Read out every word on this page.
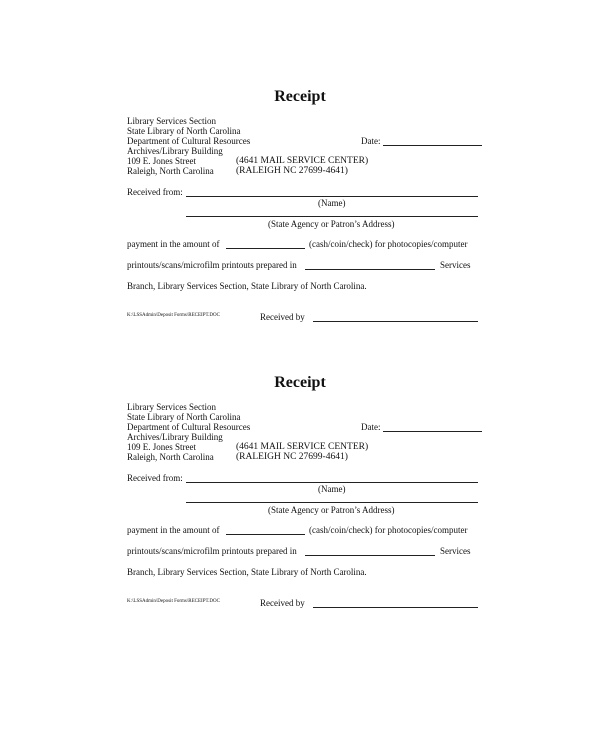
Receipt
Library Services Section
State Library of North Carolina
Department of Cultural Resources
Archives/Library Building
109 E. Jones Street
Raleigh, North Carolina
(4641 MAIL SERVICE CENTER)
(RALEIGH NC 27699-4641)
Date:
Received from:
(Name)
(State Agency or Patron’s Address)
payment in the amount of	(cash/coin/check) for photocopies/computer
printouts/scans/microfilm printouts prepared in	Services
Branch, Library Services Section, State Library of North Carolina.
K:\LSSAdmin\Deposit Forms\RECEIPT.DOC	Received by
Receipt
Library Services Section
State Library of North Carolina
Department of Cultural Resources
Archives/Library Building
109 E. Jones Street
Raleigh, North Carolina
(4641 MAIL SERVICE CENTER)
(RALEIGH NC 27699-4641)
Date:
Received from:
(Name)
(State Agency or Patron’s Address)
payment in the amount of	(cash/coin/check) for photocopies/computer
printouts/scans/microfilm printouts prepared in	Services
Branch, Library Services Section, State Library of North Carolina.
K:\LSSAdmin\Deposit Forms\RECEIPT.DOC	Received by
